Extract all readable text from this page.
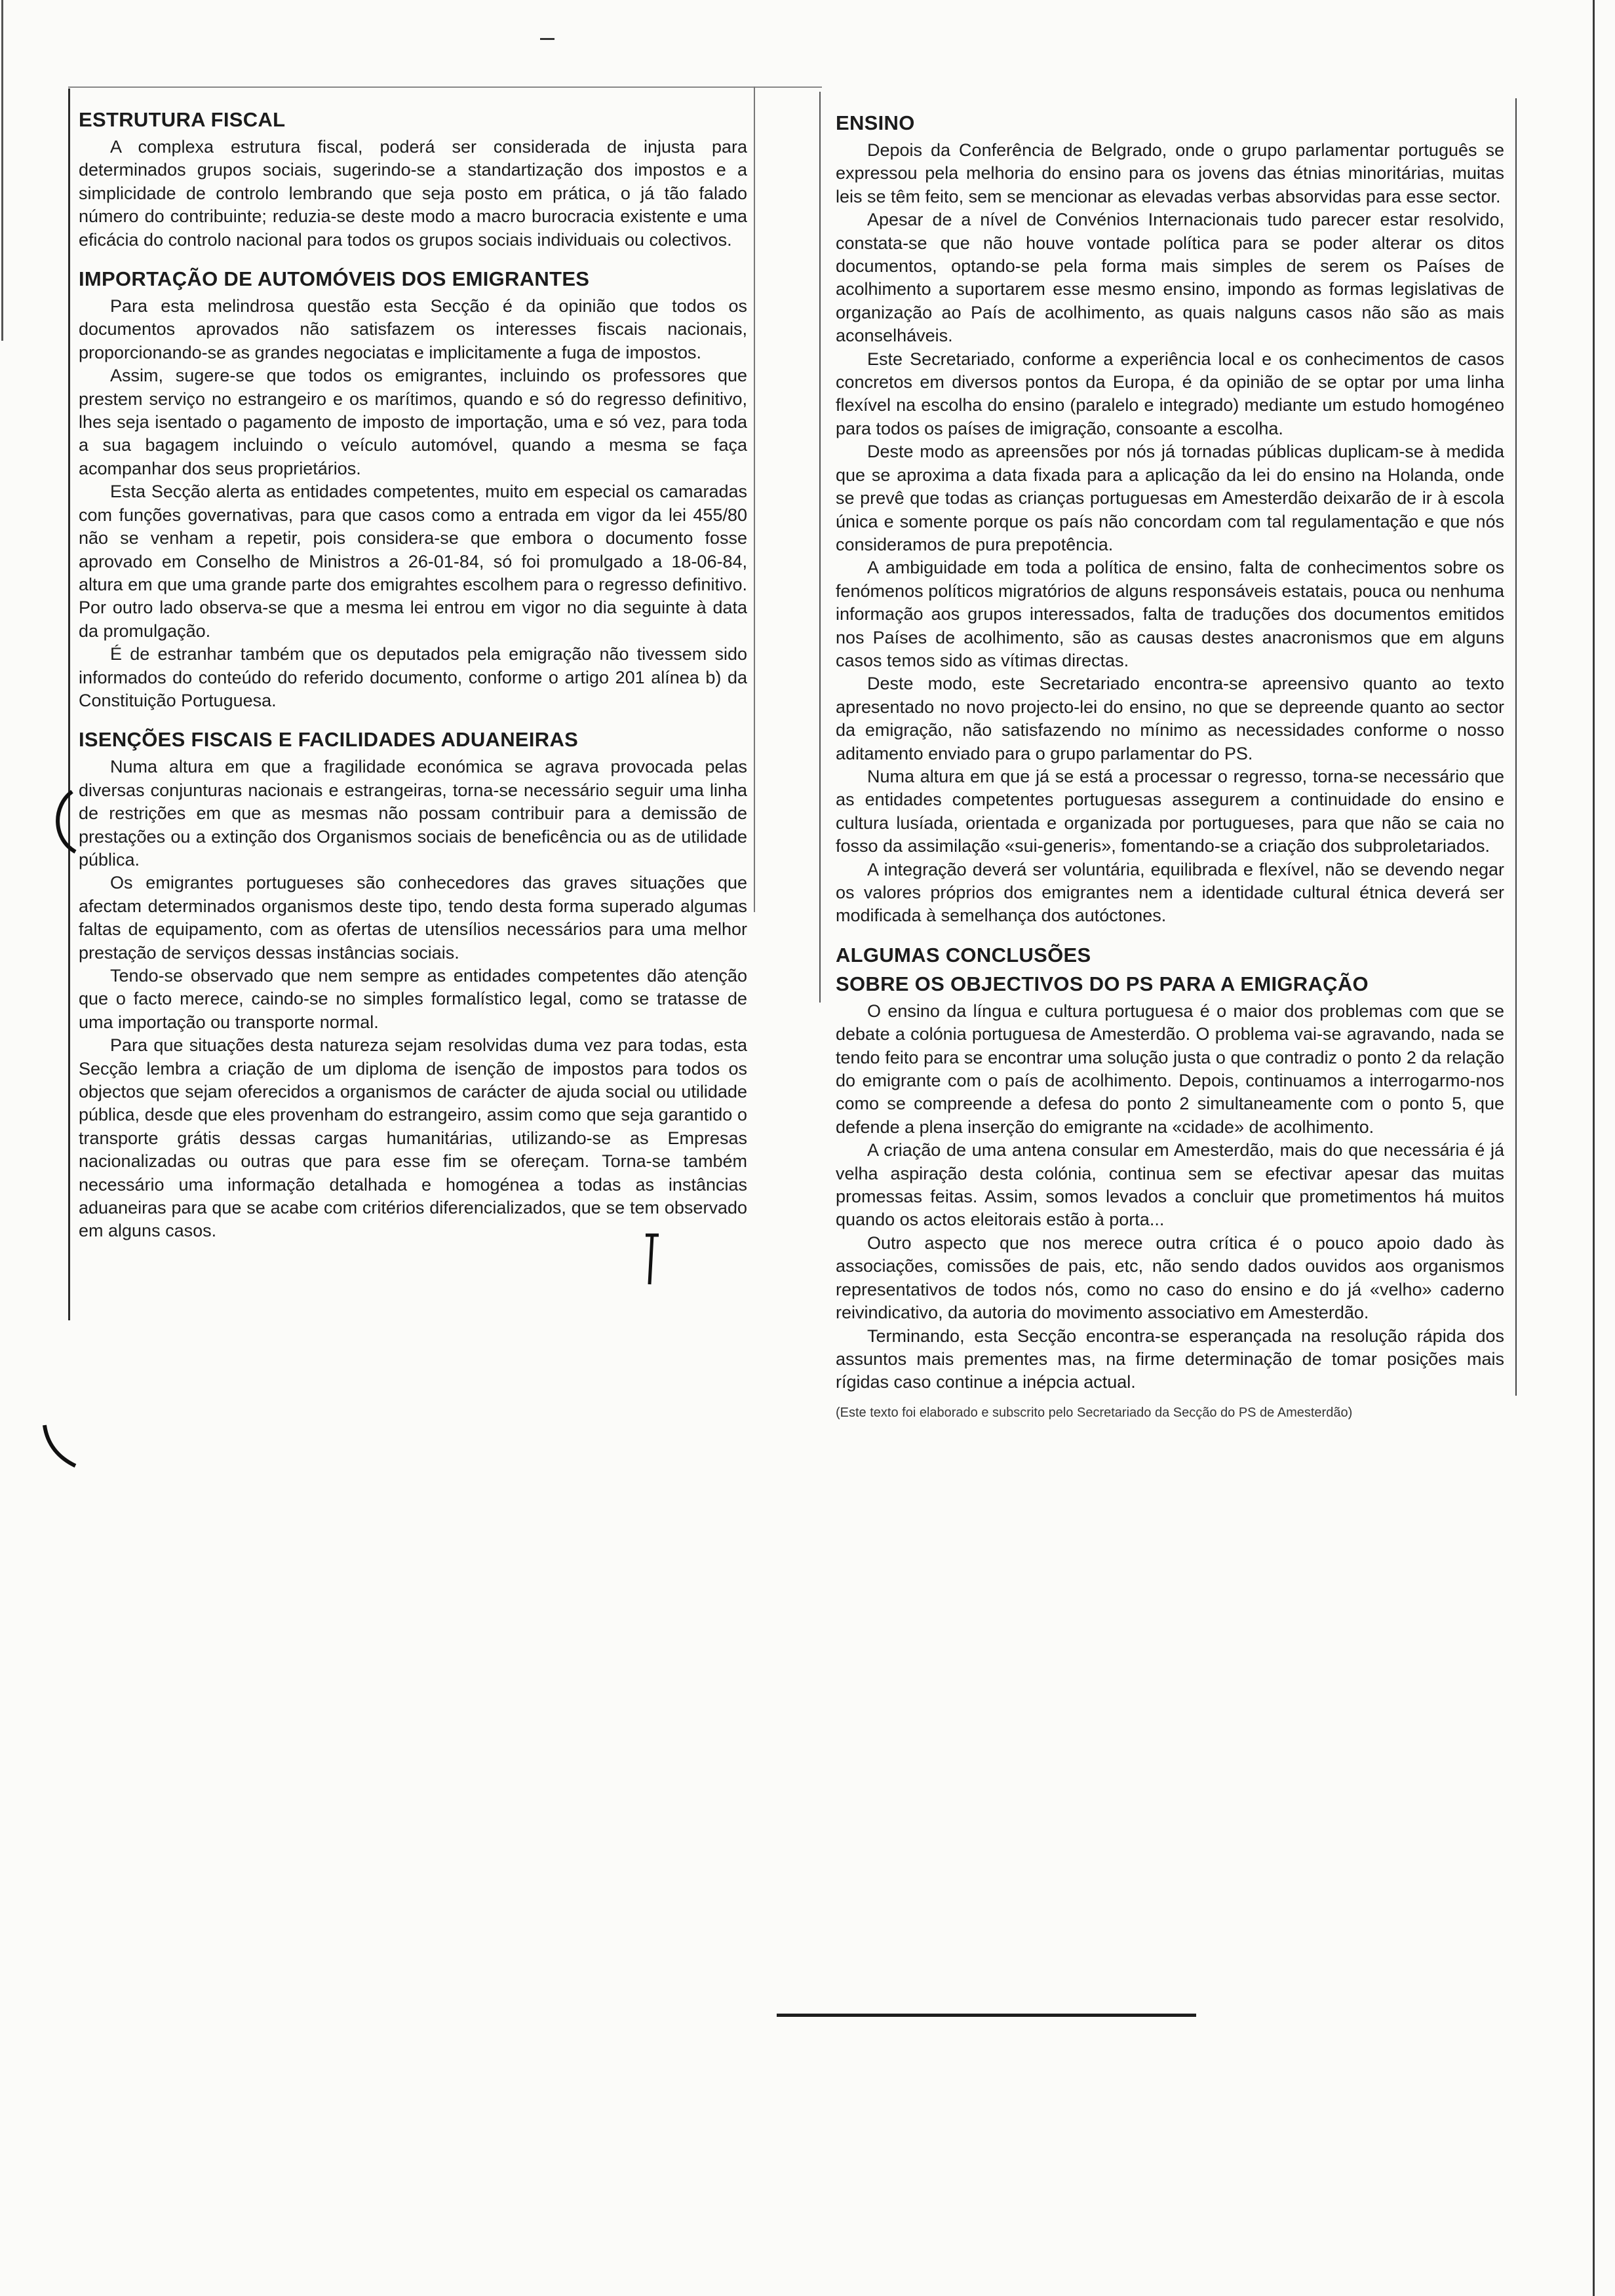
ESTRUTURA FISCAL

A complexa estrutura fiscal, poderá ser considerada de injusta para determinados grupos sociais, sugerindo-se a standartização dos impostos e a simplicidade de controlo lembrando que seja posto em prática, o já tão falado número do contribuinte; reduzia-se deste modo a macro burocracia existente e uma eficácia do controlo nacional para todos os grupos sociais individuais ou colectivos.

IMPORTAÇÃO DE AUTOMÓVEIS DOS EMIGRANTES

Para esta melindrosa questão esta Secção é da opinião que todos os documentos aprovados não satisfazem os interesses fiscais nacionais, proporcionando-se as grandes negociatas e implicitamente a fuga de impostos.

Assim, sugere-se que todos os emigrantes, incluindo os professores que prestem serviço no estrangeiro e os marítimos, quando e só do regresso definitivo, lhes seja isentado o pagamento de imposto de importação, uma e só vez, para toda a sua bagagem incluindo o veículo automóvel, quando a mesma se faça acompanhar dos seus proprietários.

Esta Secção alerta as entidades competentes, muito em especial os camaradas com funções governativas, para que casos como a entrada em vigor da lei 455/80 não se venham a repetir, pois considera-se que embora o documento fosse aprovado em Conselho de Ministros a 26-01-84, só foi promulgado a 18-06-84, altura em que uma grande parte dos emigrahtes escolhem para o regresso definitivo. Por outro lado observa-se que a mesma lei entrou em vigor no dia seguinte à data da promulgação.

É de estranhar também que os deputados pela emigração não tivessem sido informados do conteúdo do referido documento, conforme o artigo 201 alínea b) da Constituição Portuguesa.

ISENÇÕES FISCAIS E FACILIDADES ADUANEIRAS

Numa altura em que a fragilidade económica se agrava provocada pelas diversas conjunturas nacionais e estrangeiras, torna-se necessário seguir uma linha de restrições em que as mesmas não possam contribuir para a demissão de prestações ou a extinção dos Organismos sociais de beneficência ou as de utilidade pública.

Os emigrantes portugueses são conhecedores das graves situações que afectam determinados organismos deste tipo, tendo desta forma superado algumas faltas de equipamento, com as ofertas de utensílios necessários para uma melhor prestação de serviços dessas instâncias sociais.

Tendo-se observado que nem sempre as entidades competentes dão atenção que o facto merece, caindo-se no simples formalístico legal, como se tratasse de uma importação ou transporte normal.

Para que situações desta natureza sejam resolvidas duma vez para todas, esta Secção lembra a criação de um diploma de isenção de impostos para todos os objectos que sejam oferecidos a organismos de carácter de ajuda social ou utilidade pública, desde que eles provenham do estrangeiro, assim como que seja garantido o transporte grátis dessas cargas humanitárias, utilizando-se as Empresas nacionalizadas ou outras que para esse fim se ofereçam. Torna-se também necessário uma informação detalhada e homogénea a todas as instâncias aduaneiras para que se acabe com critérios diferencializados, que se tem observado em alguns casos.

ENSINO

Depois da Conferência de Belgrado, onde o grupo parlamentar português se expressou pela melhoria do ensino para os jovens das étnias minoritárias, muitas leis se têm feito, sem se mencionar as elevadas verbas absorvidas para esse sector.

Apesar de a nível de Convénios Internacionais tudo parecer estar resolvido, constata-se que não houve vontade política para se poder alterar os ditos documentos, optando-se pela forma mais simples de serem os Países de acolhimento a suportarem esse mesmo ensino, impondo as formas legislativas de organização ao País de acolhimento, as quais nalguns casos não são as mais aconselháveis.

Este Secretariado, conforme a experiência local e os conhecimentos de casos concretos em diversos pontos da Europa, é da opinião de se optar por uma linha flexível na escolha do ensino (paralelo e integrado) mediante um estudo homogéneo para todos os países de imigração, consoante a escolha.

Deste modo as apreensões por nós já tornadas públicas duplicam-se à medida que se aproxima a data fixada para a aplicação da lei do ensino na Holanda, onde se prevê que todas as crianças portuguesas em Amesterdão deixarão de ir à escola única e somente porque os país não concordam com tal regulamentação e que nós consideramos de pura prepotência.

A ambiguidade em toda a política de ensino, falta de conhecimentos sobre os fenómenos políticos migratórios de alguns responsáveis estatais, pouca ou nenhuma informação aos grupos interessados, falta de traduções dos documentos emitidos nos Países de acolhimento, são as causas destes anacronismos que em alguns casos temos sido as vítimas directas.

Deste modo, este Secretariado encontra-se apreensivo quanto ao texto apresentado no novo projecto-lei do ensino, no que se depreende quanto ao sector da emigração, não satisfazendo no mínimo as necessidades conforme o nosso aditamento enviado para o grupo parlamentar do PS.

Numa altura em que já se está a processar o regresso, torna-se necessário que as entidades competentes portuguesas assegurem a continuidade do ensino e cultura lusíada, orientada e organizada por portugueses, para que não se caia no fosso da assimilação «sui-generis», fomentando-se a criação dos subproletariados.

A integração deverá ser voluntária, equilibrada e flexível, não se devendo negar os valores próprios dos emigrantes nem a identidade cultural étnica deverá ser modificada à semelhança dos autóctones.

ALGUMAS CONCLUSÕES
SOBRE OS OBJECTIVOS DO PS PARA A EMIGRAÇÃO

O ensino da língua e cultura portuguesa é o maior dos problemas com que se debate a colónia portuguesa de Amesterdão. O problema vai-se agravando, nada se tendo feito para se encontrar uma solução justa o que contradiz o ponto 2 da relação do emigrante com o país de acolhimento. Depois, continuamos a interrogarmo-nos como se compreende a defesa do ponto 2 simultaneamente com o ponto 5, que defende a plena inserção do emigrante na «cidade» de acolhimento.

A criação de uma antena consular em Amesterdão, mais do que necessária é já velha aspiração desta colónia, continua sem se efectivar apesar das muitas promessas feitas. Assim, somos levados a concluir que prometimentos há muitos quando os actos eleitorais estão à porta...

Outro aspecto que nos merece outra crítica é o pouco apoio dado às associações, comissões de pais, etc, não sendo dados ouvidos aos organismos representativos de todos nós, como no caso do ensino e do já «velho» caderno reivindicativo, da autoria do movimento associativo em Amesterdão.

Terminando, esta Secção encontra-se esperançada na resolução rápida dos assuntos mais prementes mas, na firme determinação de tomar posições mais rígidas caso continue a inépcia actual.

(Este texto foi elaborado e subscrito pelo Secretariado da Secção do PS de Amesterdão)
